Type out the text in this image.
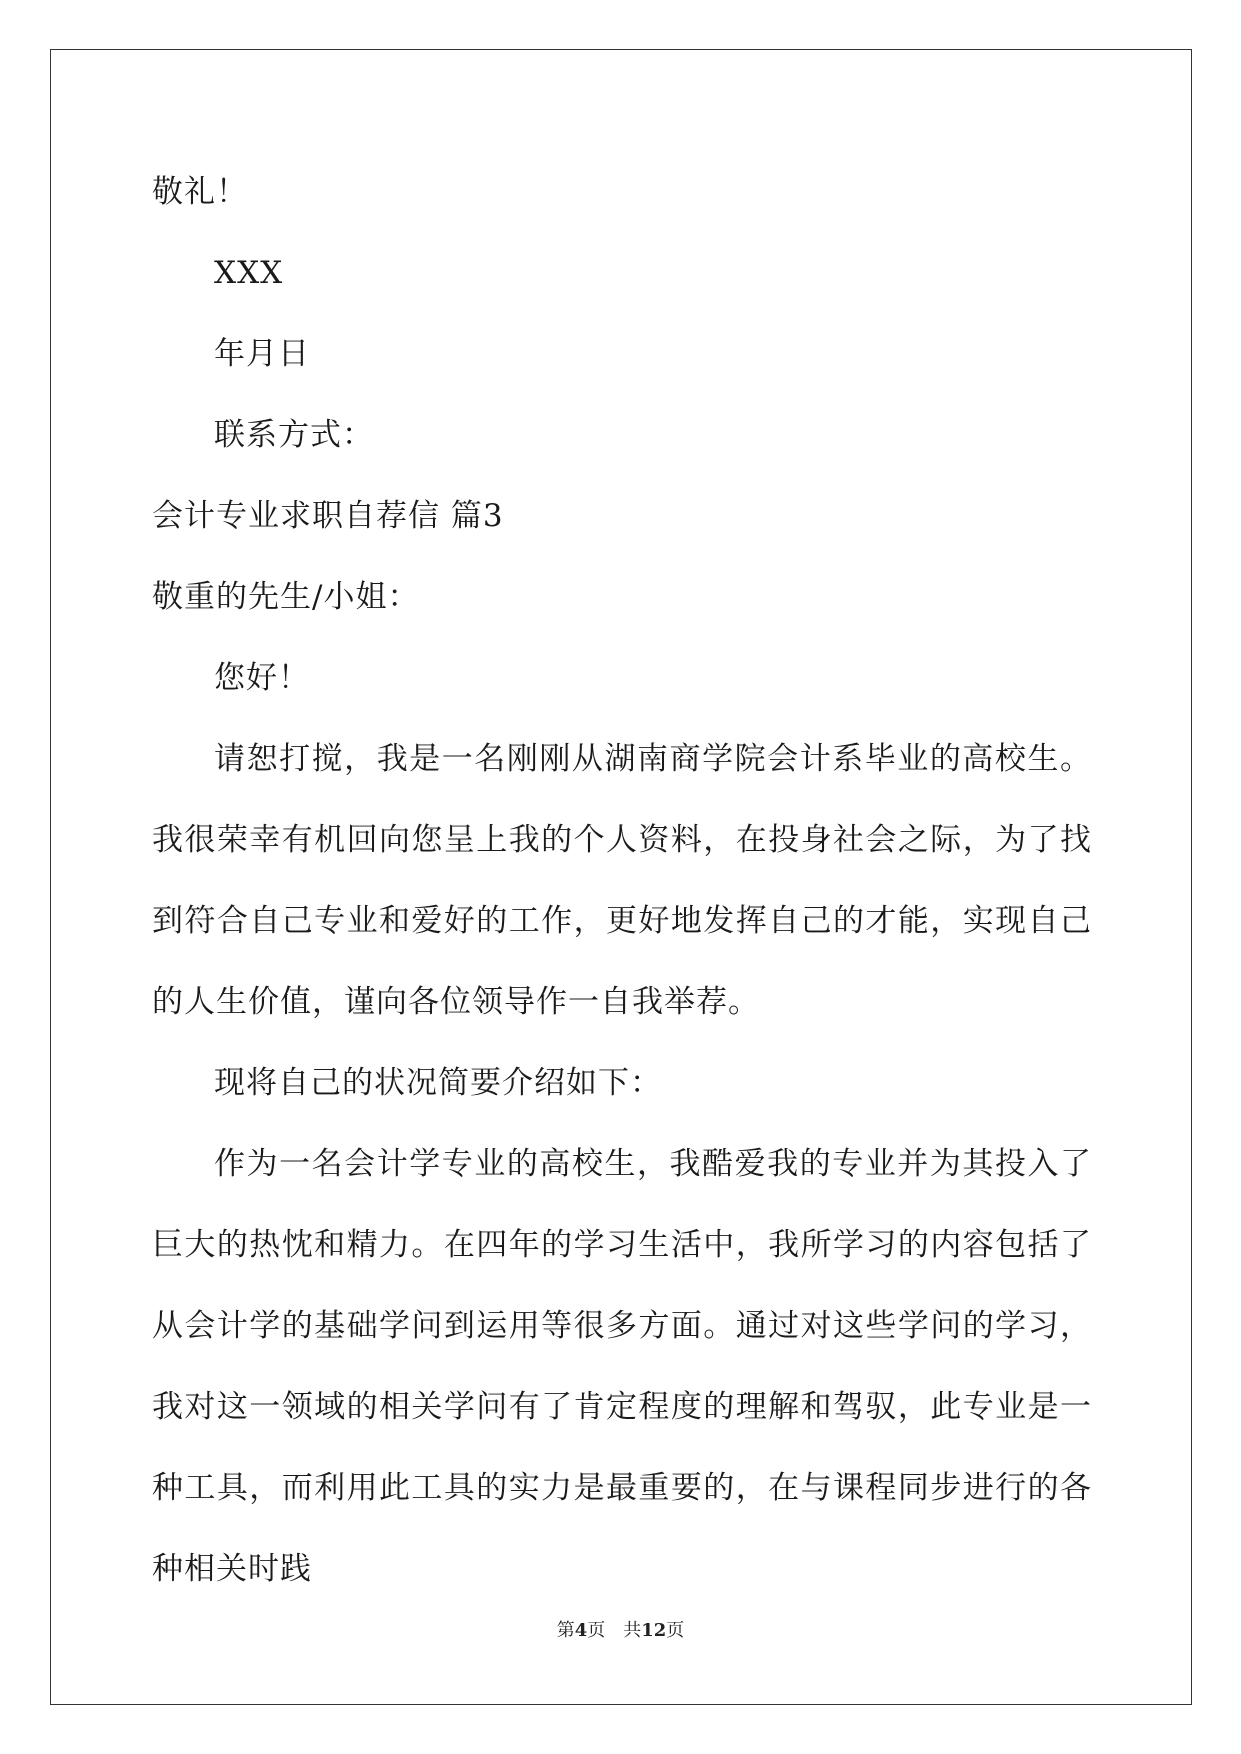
敬礼！
XXX
年月日
联系方式：
会计专业求职自荐信 篇3
敬重的先生/小姐：
您好！

请恕打搅，我是一名刚刚从湖南商学院会计系毕业的高校生。我很荣幸有机回向您呈上我的个人资料，在投身社会之际，为了找到符合自己专业和爱好的工作，更好地发挥自己的才能，实现自己的人生价值，谨向各位领导作一自我举荐。

现将自己的状况简要介绍如下：

作为一名会计学专业的高校生，我酷爱我的专业并为其投入了巨大的热忱和精力。在四年的学习生活中，我所学习的内容包括了从会计学的基础学问到运用等很多方面。通过对这些学问的学习，我对这一领域的相关学问有了肯定程度的理解和驾驭，此专业是一种工具，而利用此工具的实力是最重要的，在与课程同步进行的各种相关时践

第4页　共12页
